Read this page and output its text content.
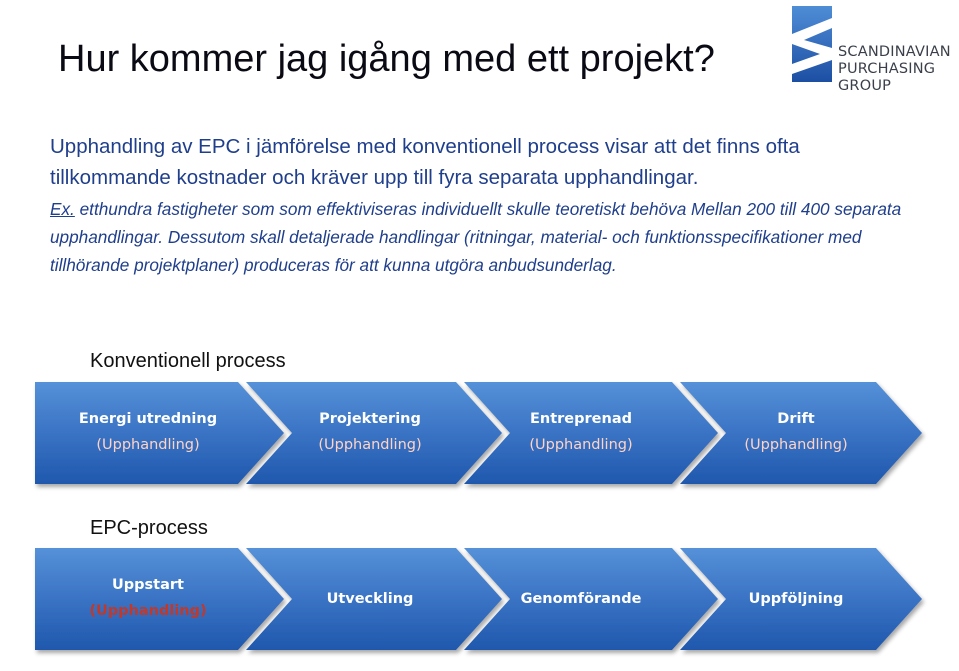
Hur kommer jag igång med ett projekt?	SCANDINAVIAN
PURCHASING
GROUP
Upphandling av EPC i jämförelse med konventionell process visar att det finns ofta tillkommande kostnader och kräver upp till fyra separata upphandlingar.
Ex. etthundra fastigheter som som effektiviseras individuellt skulle teoretiskt behöva Mellan 200 till 400 separata upphandlingar. Dessutom skall detaljerade handlingar (ritningar, material- och funktionsspecifikationer med tillhörande projektplaner) produceras för att kunna utgöra anbudsunderlag.
Konventionell process
EPC-process
Energi utredning
(Upphandling)
Projektering
(Upphandling)
Entreprenad
(Upphandling)
Drift
(Upphandling)
Uppstart
(Upphandling)
Utveckling	Genomförande	Uppföljning
